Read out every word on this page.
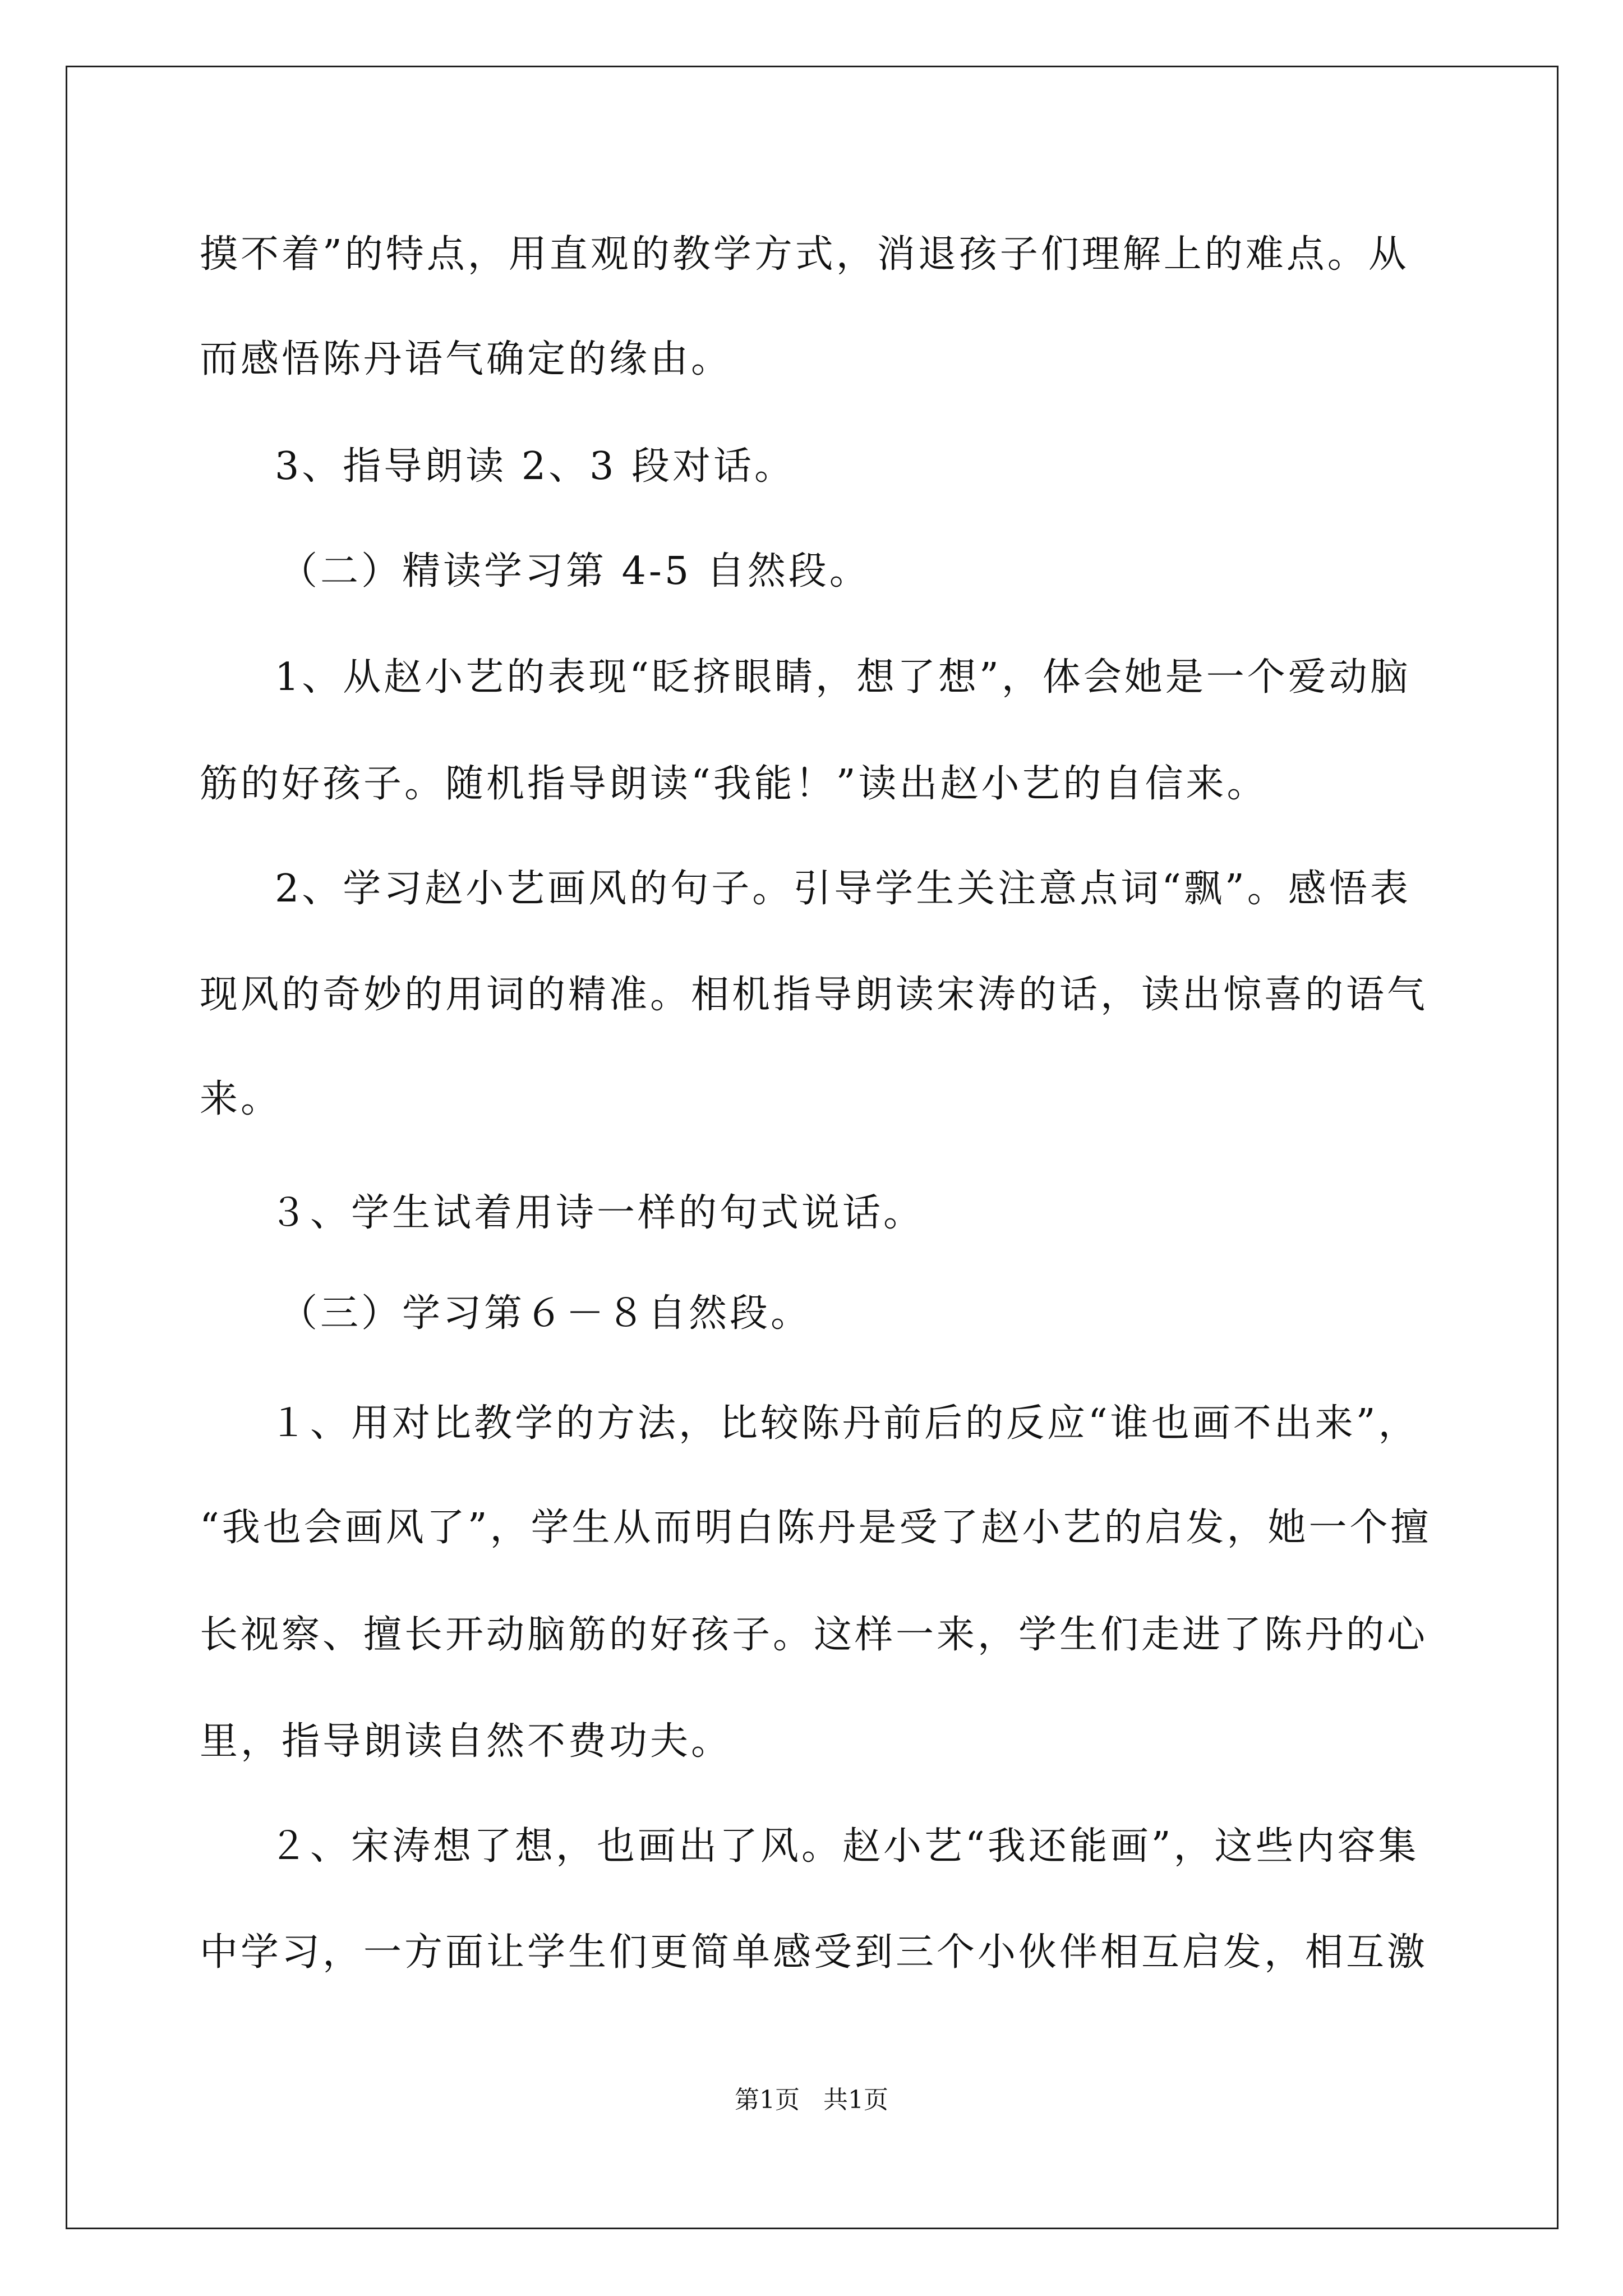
摸不着”的特点，用直观的教学方式，消退孩子们理解上的难点。从
而感悟陈丹语气确定的缘由。
3、指导朗读 2、3 段对话。
（二）精读学习第 4-5 自然段。
1、从赵小艺的表现“眨挤眼睛，想了想”，体会她是一个爱动脑
筋的好孩子。随机指导朗读“我能！”读出赵小艺的自信来。
2、学习赵小艺画风的句子。引导学生关注意点词“飘”。感悟表
现风的奇妙的用词的精准。相机指导朗读宋涛的话，读出惊喜的语气
来。
３、学生试着用诗一样的句式说话。
（三）学习第６－８自然段。
１、用对比教学的方法，比较陈丹前后的反应“谁也画不出来”，
“我也会画风了”，学生从而明白陈丹是受了赵小艺的启发，她一个擅
长视察、擅长开动脑筋的好孩子。这样一来，学生们走进了陈丹的心
里，指导朗读自然不费功夫。
２、宋涛想了想，也画出了风。赵小艺“我还能画”，这些内容集
中学习，一方面让学生们更简单感受到三个小伙伴相互启发，相互激
第1页   共1页
